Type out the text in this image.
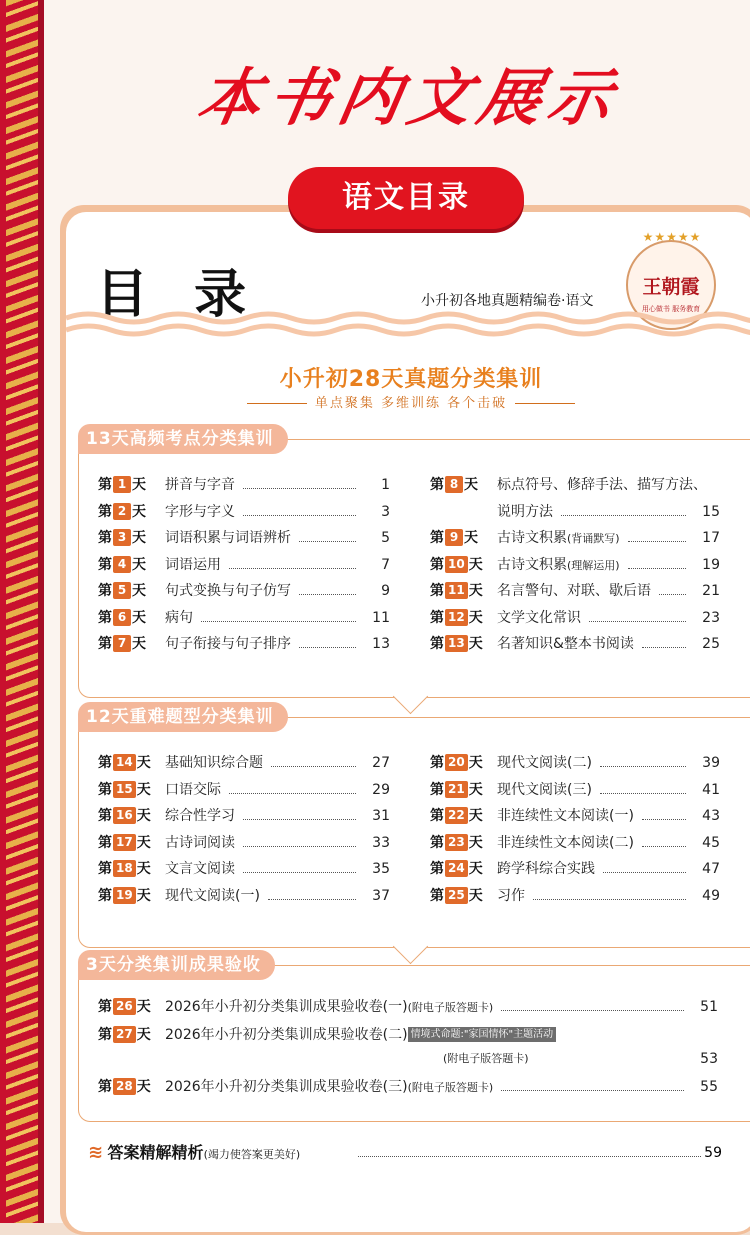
本书内文展示
语文目录
目 录	小升初各地真题精编卷·语文
★★★★★
王朝霞
用心做书 服务教育
小升初28天真题分类集训
单点聚集 多维训练 各个击破
13天高频考点分类集训
第 1 天	拼音与字音	1
第 2 天	字形与字义	3
第 3 天	词语积累与词语辨析	5
第 4 天	词语运用	7
第 5 天	句式变换与句子仿写	9
第 6 天	病句	11
第 7 天	句子衔接与句子排序	13
第 8 天	标点符号、修辞手法、描写方法、
说明方法	15
第 9 天	古诗文积累(背诵默写)	17
第 10 天	古诗文积累(理解运用)	19
第 11 天	名言警句、对联、歇后语	21
第 12 天	文学文化常识	23
第 13 天	名著知识&整本书阅读	25
12天重难题型分类集训
第 14 天	基础知识综合题	27
第 15 天	口语交际	29
第 16 天	综合性学习	31
第 17 天	古诗词阅读	33
第 18 天	文言文阅读	35
第 19 天	现代文阅读(一)	37
第 20 天	现代文阅读(二)	39
第 21 天	现代文阅读(三)	41
第 22 天	非连续性文本阅读(一)	43
第 23 天	非连续性文本阅读(二)	45
第 24 天	跨学科综合实践	47
第 25 天	习作	49
3天分类集训成果验收
第 26 天	2026年小升初分类集训成果验收卷(一)(附电子版答题卡)	51
第 27 天	2026年小升初分类集训成果验收卷(二) 情境式命题:"家国情怀"主题活动
(附电子版答题卡)	53
第 28 天	2026年小升初分类集训成果验收卷(三)(附电子版答题卡)	55
≋ 答案精解精析(竭力使答案更美好)	59
